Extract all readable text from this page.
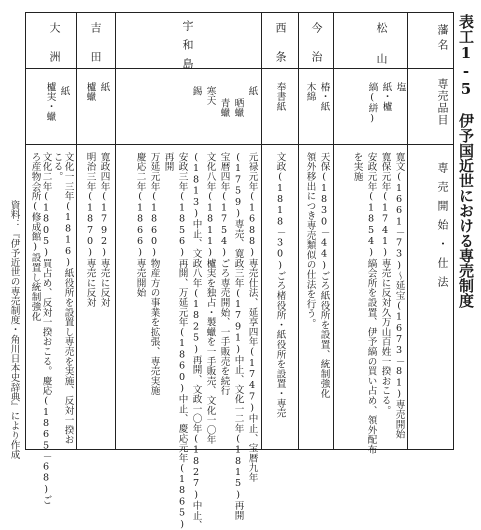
表工1-5　伊予国近世における専売制度
資料：『伊予近世の専売制度・角川日本史辞典』により作成
藩名
専売品目
専売開始・仕法
松山
塩
紙・櫨
縞(絣)
寛文(1661－73)～延宝(1673－81)専売開始
寛保元年(1741)専売に反対久万山百姓一揆おこる。
安政元年(1854)縞会所を設置、伊予縞の買い占め、領外配布
を実施
今治
椿・紙
木綿
天保(1830－44)ごろ紙役所を設置、統制強化
領外移出につき専売類似の仕法を行う。
西条
奉書紙
文政(1818－30)ごろ楮役所・紙役所を設置・専売
宇和島
紙
晒蠟
青蠟
寒天
錫
元禄元年(1688)専売仕法、延享四年(1747)中止、宝暦九年
(1759)専売、寛政三年(1791)中止、文化一二年(1815)再開
宝暦四年(1754)ごろ専売開始、一手販売を続行
文化八年(1811)櫨実を独占・製蠟を一手販売、文化一〇年
(1813)中止、文政八年(1825)再開、文政一〇年(1827)中止、
安政三年(1856)再開、万延元年(1860)中止、慶応元年(1865)
再開
万延元年(1860)物産方の事業を拡張、専売実施
慶応二年(1866)専売開始
吉田
紙
櫨蠟
寛政四年(1792)専売に反対
明治三年(1870)専売に反対
大洲
紙
櫨実・蠟
文化一三年(1816)紙役所を設置し専売を実施、反対一揆お
こる。
文化二年(1805)買占め、反対一揆おこる。慶応(1865－68)ご
ろ産物会所(修成館)設置し統制強化
